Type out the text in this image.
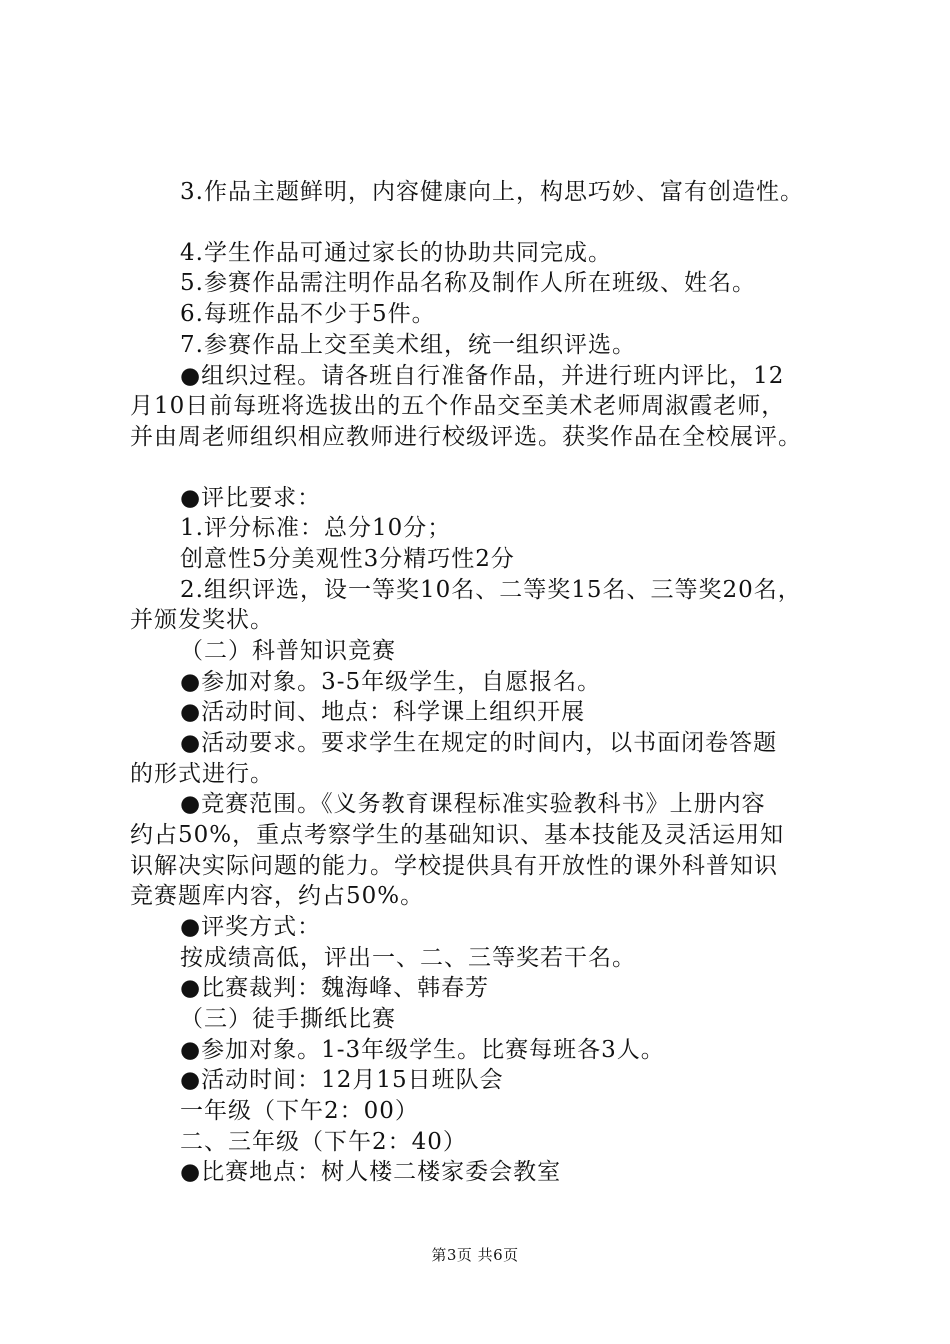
3.作品主题鲜明，内容健康向上，构思巧妙、富有创造性。
4.学生作品可通过家长的协助共同完成。
5.参赛作品需注明作品名称及制作人所在班级、姓名。
6.每班作品不少于5件。
7.参赛作品上交至美术组，统一组织评选。
●组织过程。请各班自行准备作品，并进行班内评比，12
月10日前每班将选拔出的五个作品交至美术老师周淑霞老师，
并由周老师组织相应教师进行校级评选。获奖作品在全校展评。
●评比要求：
1.评分标准：总分10分；
创意性5分美观性3分精巧性2分
2.组织评选，设一等奖10名、二等奖15名、三等奖20名，
并颁发奖状。
（二）科普知识竞赛
●参加对象。3-5年级学生，自愿报名。
●活动时间、地点：科学课上组织开展
●活动要求。要求学生在规定的时间内，以书面闭卷答题
的形式进行。
●竞赛范围。《义务教育课程标准实验教科书》上册内容
约占50%，重点考察学生的基础知识、基本技能及灵活运用知
识解决实际问题的能力。学校提供具有开放性的课外科普知识
竞赛题库内容，约占50%。
●评奖方式：
按成绩高低，评出一、二、三等奖若干名。
●比赛裁判：魏海峰、韩春芳
（三）徒手撕纸比赛
●参加对象。1-3年级学生。比赛每班各3人。
●活动时间：12月15日班队会
一年级（下午2：00）
二、三年级（下午2：40）
●比赛地点：树人楼二楼家委会教室
第3页 共6页
